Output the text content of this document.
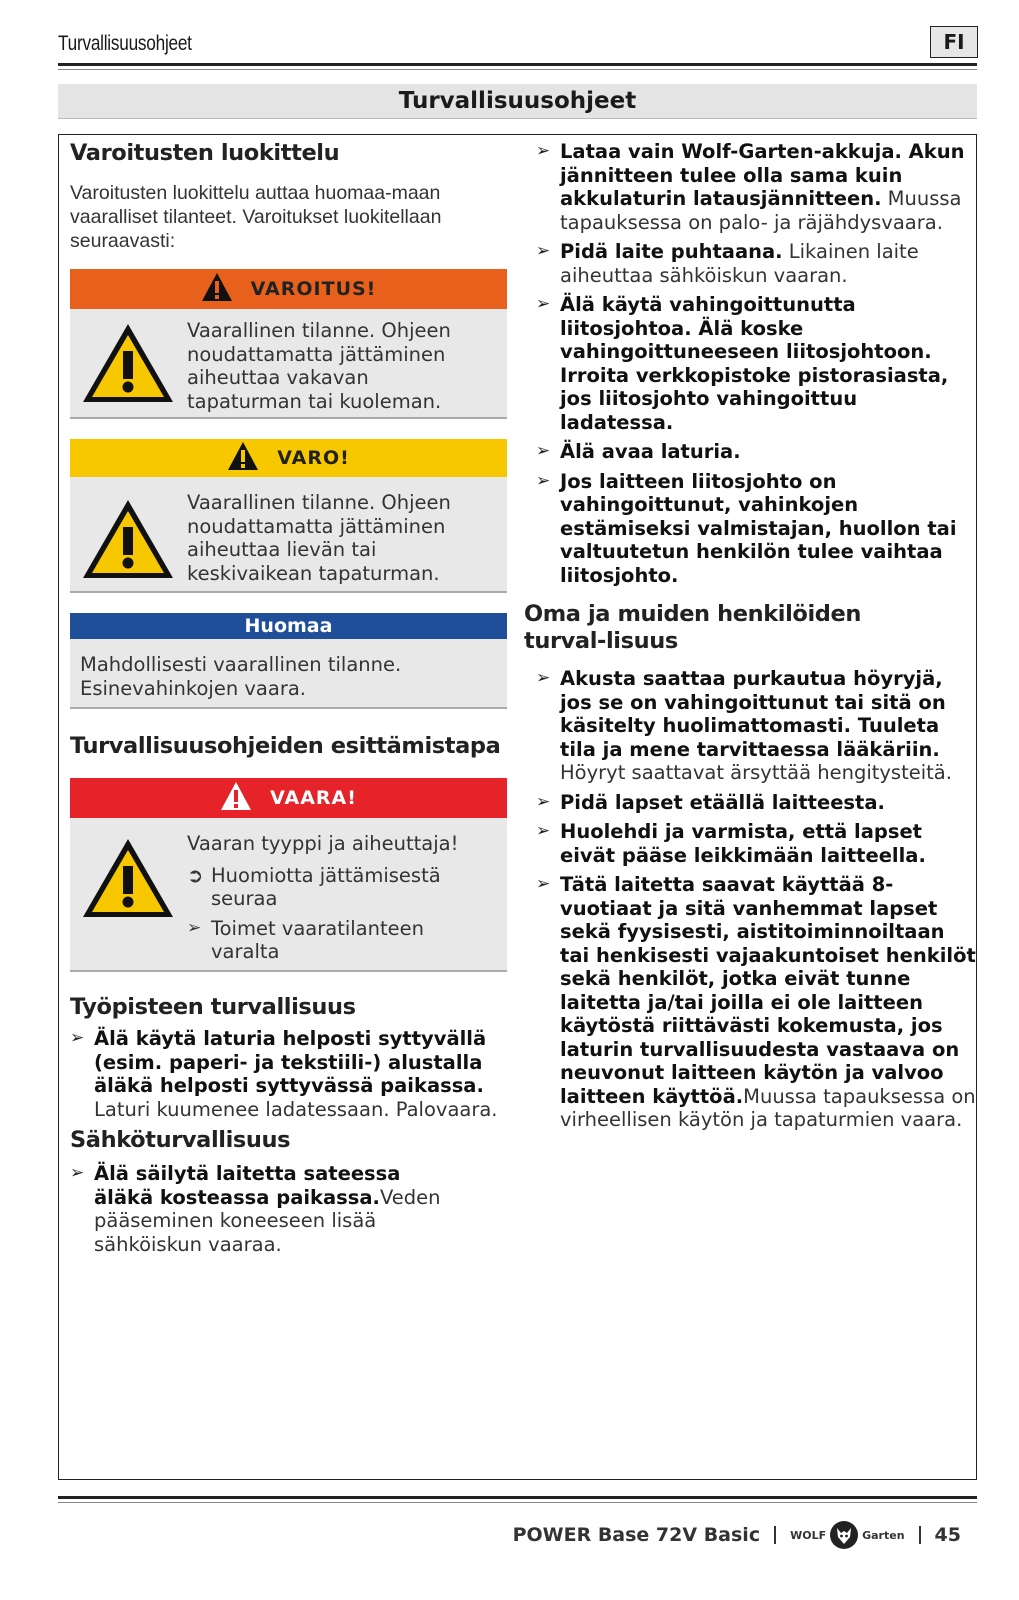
Turvallisuusohjeet	FI
Turvallisuusohjeet
Varoitusten luokittelu

Varoitusten luokittelu auttaa huomaa-maan vaaralliset tilanteet. Varoitukset luokitellaan seuraavasti:

VAROITUS!
Vaarallinen tilanne. Ohjeen noudattamatta jättäminen aiheuttaa vakavan tapaturman tai kuoleman.
VARO!
Vaarallinen tilanne. Ohjeen noudattamatta jättäminen aiheuttaa lievän tai keskivaikean tapaturman.
Huomaa
Mahdollisesti vaarallinen tilanne. Esinevahinkojen vaara.
Turvallisuusohjeiden esittämistapa
VAARA!
Vaaran tyyppi ja aiheuttaja!
➲ Huomiotta jättämisestä seuraa
➢ Toimet vaaratilanteen varalta
Työpisteen turvallisuus
➢ Älä käytä laturia helposti syttyvällä (esim. paperi- ja tekstiili-) alustalla äläkä helposti syttyvässä paikassa. Laturi kuumenee ladatessaan. Palovaara.
Sähköturvallisuus
➢ Älä säilytä laitetta sateessa äläkä kosteassa paikassa.Veden pääseminen koneeseen lisää sähköiskun vaaraa.
➢ Lataa vain Wolf-Garten-akkuja. Akun jännitteen tulee olla sama kuin akkulaturin latausjännitteen. Muussa tapauksessa on palo- ja räjähdysvaara.
➢ Pidä laite puhtaana. Likainen laite aiheuttaa sähköiskun vaaran.
➢ Älä käytä vahingoittunutta liitosjohtoa. Älä koske vahingoittuneeseen liitosjohtoon. Irroita verkkopistoke pistorasiasta, jos liitosjohto vahingoittuu ladatessa.
➢ Älä avaa laturia.
➢ Jos laitteen liitosjohto on vahingoittunut, vahinkojen estämiseksi valmistajan, huollon tai valtuutetun henkilön tulee vaihtaa liitosjohto.
Oma ja muiden henkilöiden turval-lisuus
➢ Akusta saattaa purkautua höyryjä, jos se on vahingoittunut tai sitä on käsitelty huolimattomasti. Tuuleta tila ja mene tarvittaessa lääkäriin. Höyryt saattavat ärsyttää hengitysteitä.
➢ Pidä lapset etäällä laitteesta.
➢ Huolehdi ja varmista, että lapset eivät pääse leikkimään laitteella.
➢ Tätä laitetta saavat käyttää 8-vuotiaat ja sitä vanhemmat lapset sekä fyysisesti, aistitoiminnoiltaan tai henkisesti vajaakuntoiset henkilöt sekä henkilöt, jotka eivät tunne laitetta ja/tai joilla ei ole laitteen käytöstä riittävästi kokemusta, jos laturin turvallisuudesta vastaava on neuvonut laitteen käytön ja valvoo laitteen käyttöä.Muussa tapauksessa on virheellisen käytön ja tapaturmien vaara.
POWER Base 72V Basic	WOLF	Garten 45
